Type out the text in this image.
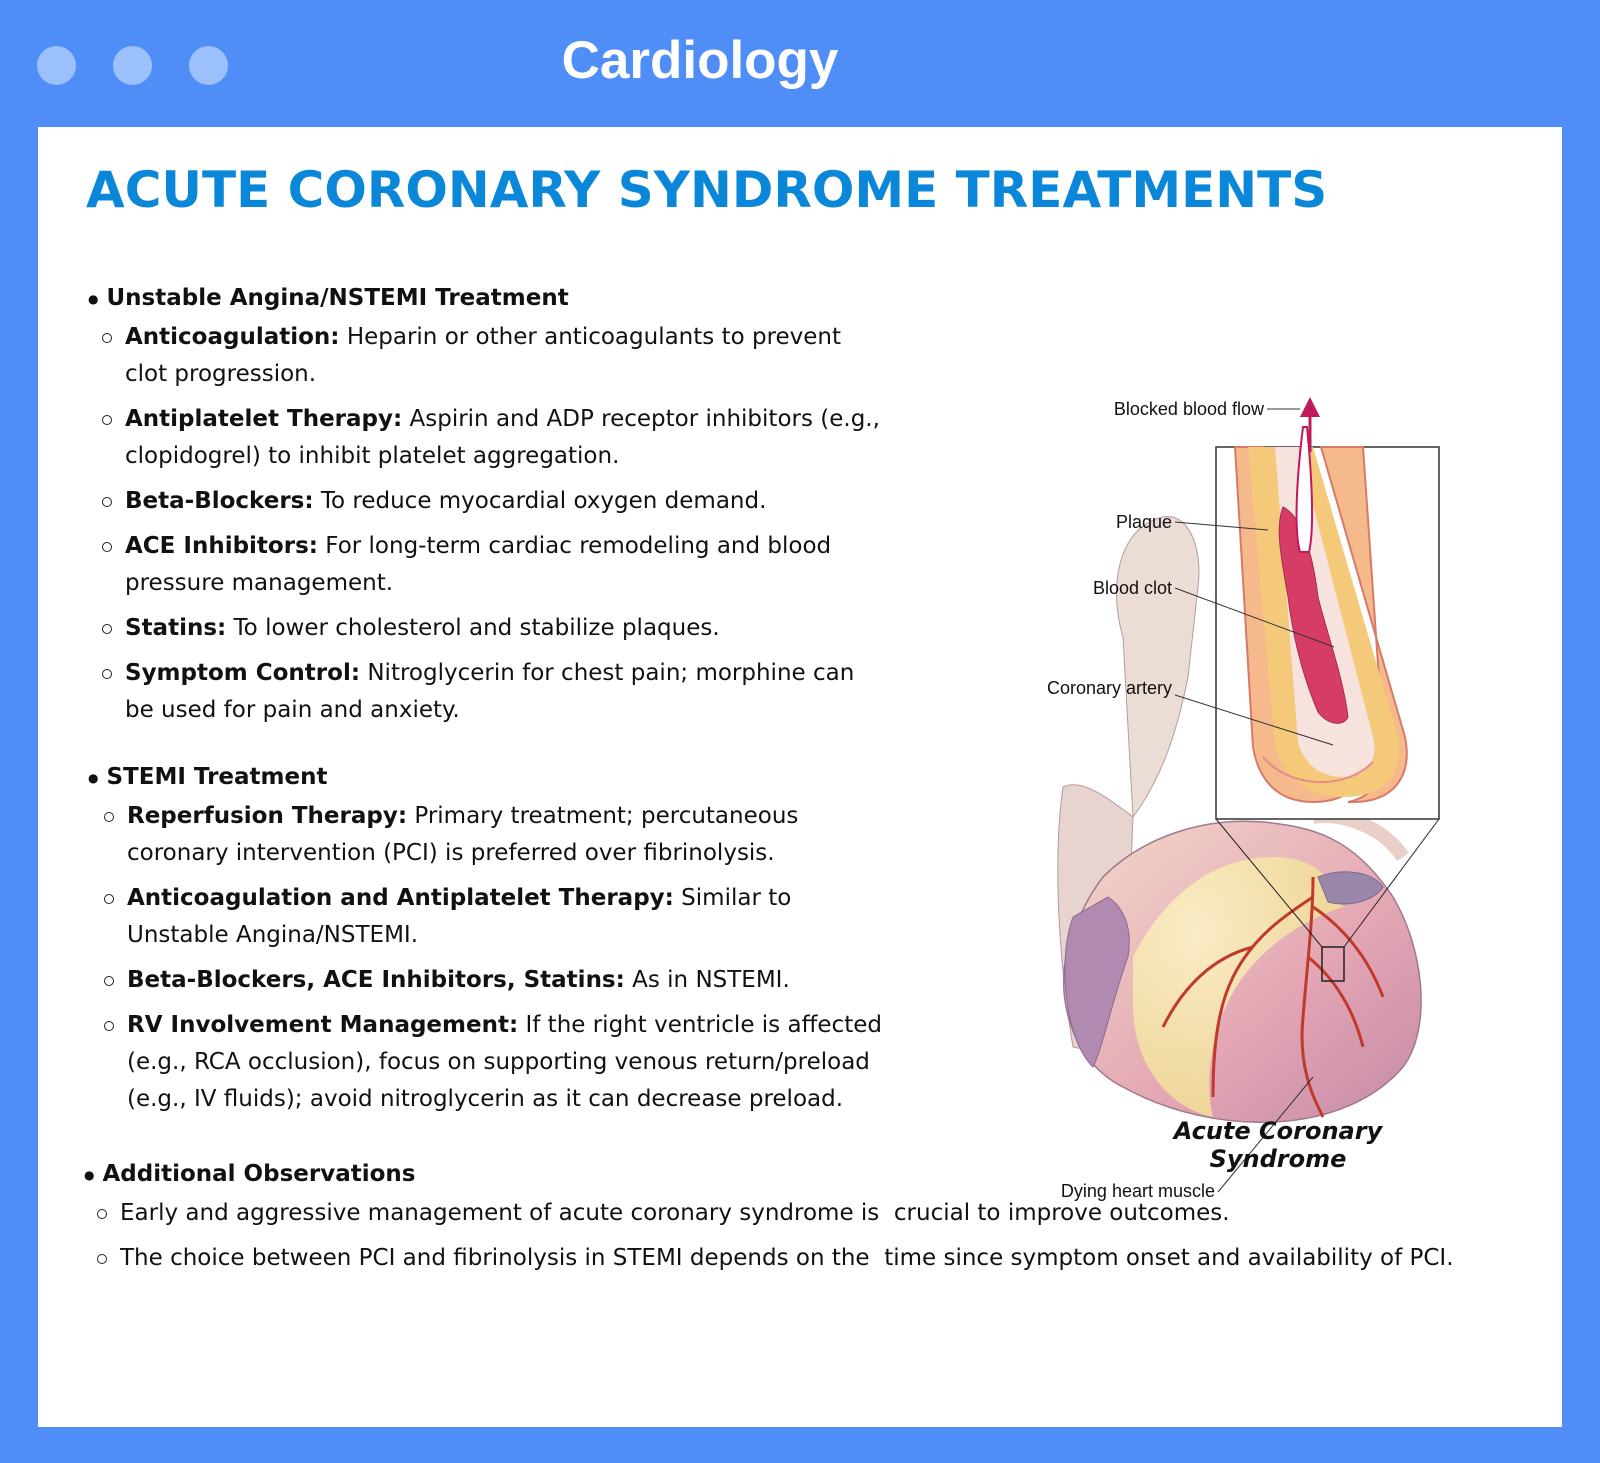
Cardiology
ACUTE CORONARY SYNDROME TREATMENTS
● Unstable Angina/NSTEMI Treatment
Anticoagulation: Heparin or other anticoagulants to prevent clot progression.
Antiplatelet Therapy: Aspirin and ADP receptor inhibitors (e.g., clopidogrel) to inhibit platelet aggregation.
Beta-Blockers: To reduce myocardial oxygen demand.
ACE Inhibitors: For long-term cardiac remodeling and blood pressure management.
Statins: To lower cholesterol and stabilize plaques.
Symptom Control: Nitroglycerin for chest pain; morphine can be used for pain and anxiety.
● STEMI Treatment
Reperfusion Therapy: Primary treatment; percutaneous coronary intervention (PCI) is preferred over fibrinolysis.
Anticoagulation and Antiplatelet Therapy: Similar to Unstable Angina/NSTEMI.
Beta-Blockers, ACE Inhibitors, Statins: As in NSTEMI.
RV Involvement Management: If the right ventricle is affected (e.g., RCA occlusion), focus on supporting venous return/preload (e.g., IV fluids); avoid nitroglycerin as it can decrease preload.
● Additional Observations
Early and aggressive management of acute coronary syndrome is  crucial to improve outcomes.
The choice between PCI and fibrinolysis in STEMI depends on the  time since symptom onset and availability of PCI.
Blocked blood flow
Plaque
Blood clot
Coronary artery
Dying heart muscle

Acute Coronary Syndrome
